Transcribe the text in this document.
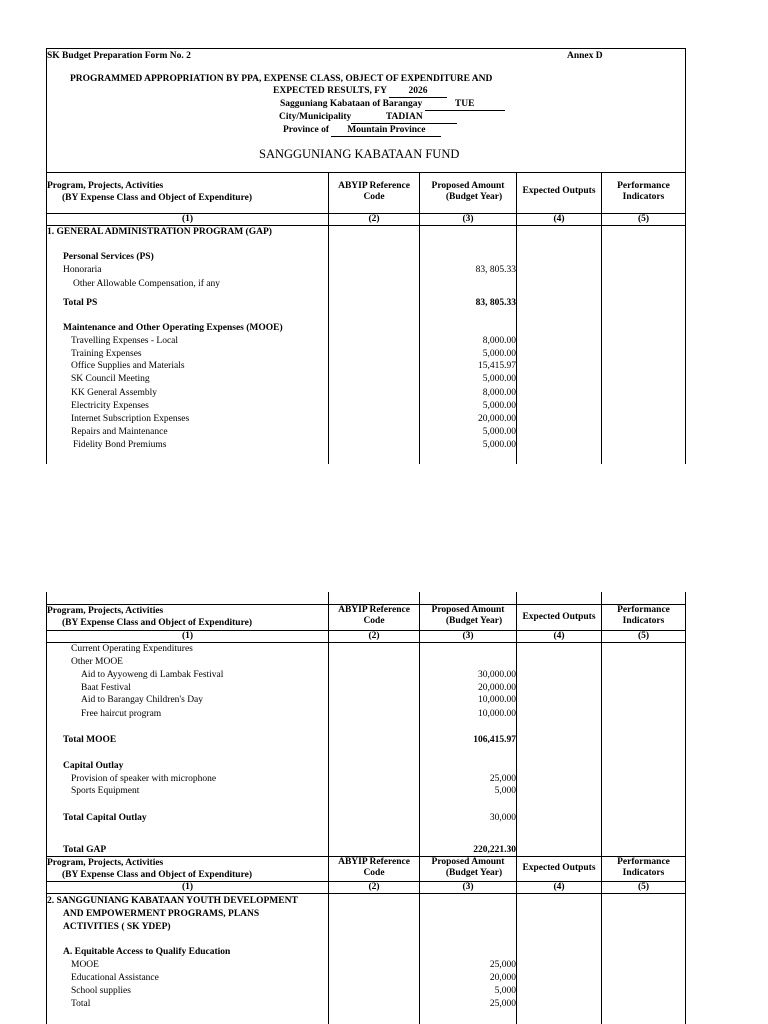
SK Budget Preparation Form No. 2	Annex D
PROGRAMMED APPROPRIATION BY PPA, EXPENSE CLASS, OBJECT OF EXPENDITURE AND
EXPECTED RESULTS, FY 2026
Sagguniang Kabataan of Barangay	TUE
City/Municipality	TADIAN
Province of Mountain Province
SANGGUNIANG KABATAAN FUND
Program, Projects, Activities
(BY Expense Class and Object of Expenditure)
ABYIP Reference
Code
Proposed Amount
(Budget Year)
Expected Outputs	Performance
Indicators
(1)	(2)	(3)	(4)	(5)
1. GENERAL ADMINISTRATION PROGRAM (GAP)
Personal Services (PS)
Honoraria	83, 805.33
Other Allowable Compensation, if any
Total PS	83, 805.33
Maintenance and Other Operating Expenses (MOOE)
Travelling Expenses - Local	8,000.00
Training Expenses	5,000.00
Office Supplies and Materials	15,415.97
SK Council Meeting	5,000.00
KK General Assembly	8,000.00
Electricity Expenses	5,000.00
Internet Subscription Expenses	20,000.00
Repairs and Maintenance	5,000.00
Fidelity Bond Premiums	5,000.00
Program, Projects, Activities
(BY Expense Class and Object of Expenditure)
ABYIP Reference
Code
Proposed Amount
(Budget Year)	Expected Outputs
Performance
Indicators
(1)	(2)	(3)	(4)	(5)
Current Operating Expenditures
Other MOOE
Aid to Ayyoweng di Lambak Festival	30,000.00
Baat Festival	20,000.00
Aid to Barangay Children's Day	10,000.00
Free haircut program	10,000.00
Total MOOE	106,415.97
Capital Outlay
Provision of speaker with microphone	25,000
Sports Equipment	5,000
Total Capital Outlay	30,000
Total GAP	220,221.30
Program, Projects, Activities
(BY Expense Class and Object of Expenditure)
ABYIP Reference
Code
Proposed Amount
(Budget Year)	Expected Outputs
Performance
Indicators
(1)	(2)	(3)	(4)	(5)
2. SANGGUNIANG KABATAAN YOUTH DEVELOPMENT
AND EMPOWERMENT PROGRAMS, PLANS
ACTIVITIES ( SK YDEP)
A. Equitable Access to Qualify Education
MOOE	25,000
Educational Assistance	20,000
School supplies	5,000
Total	25,000
